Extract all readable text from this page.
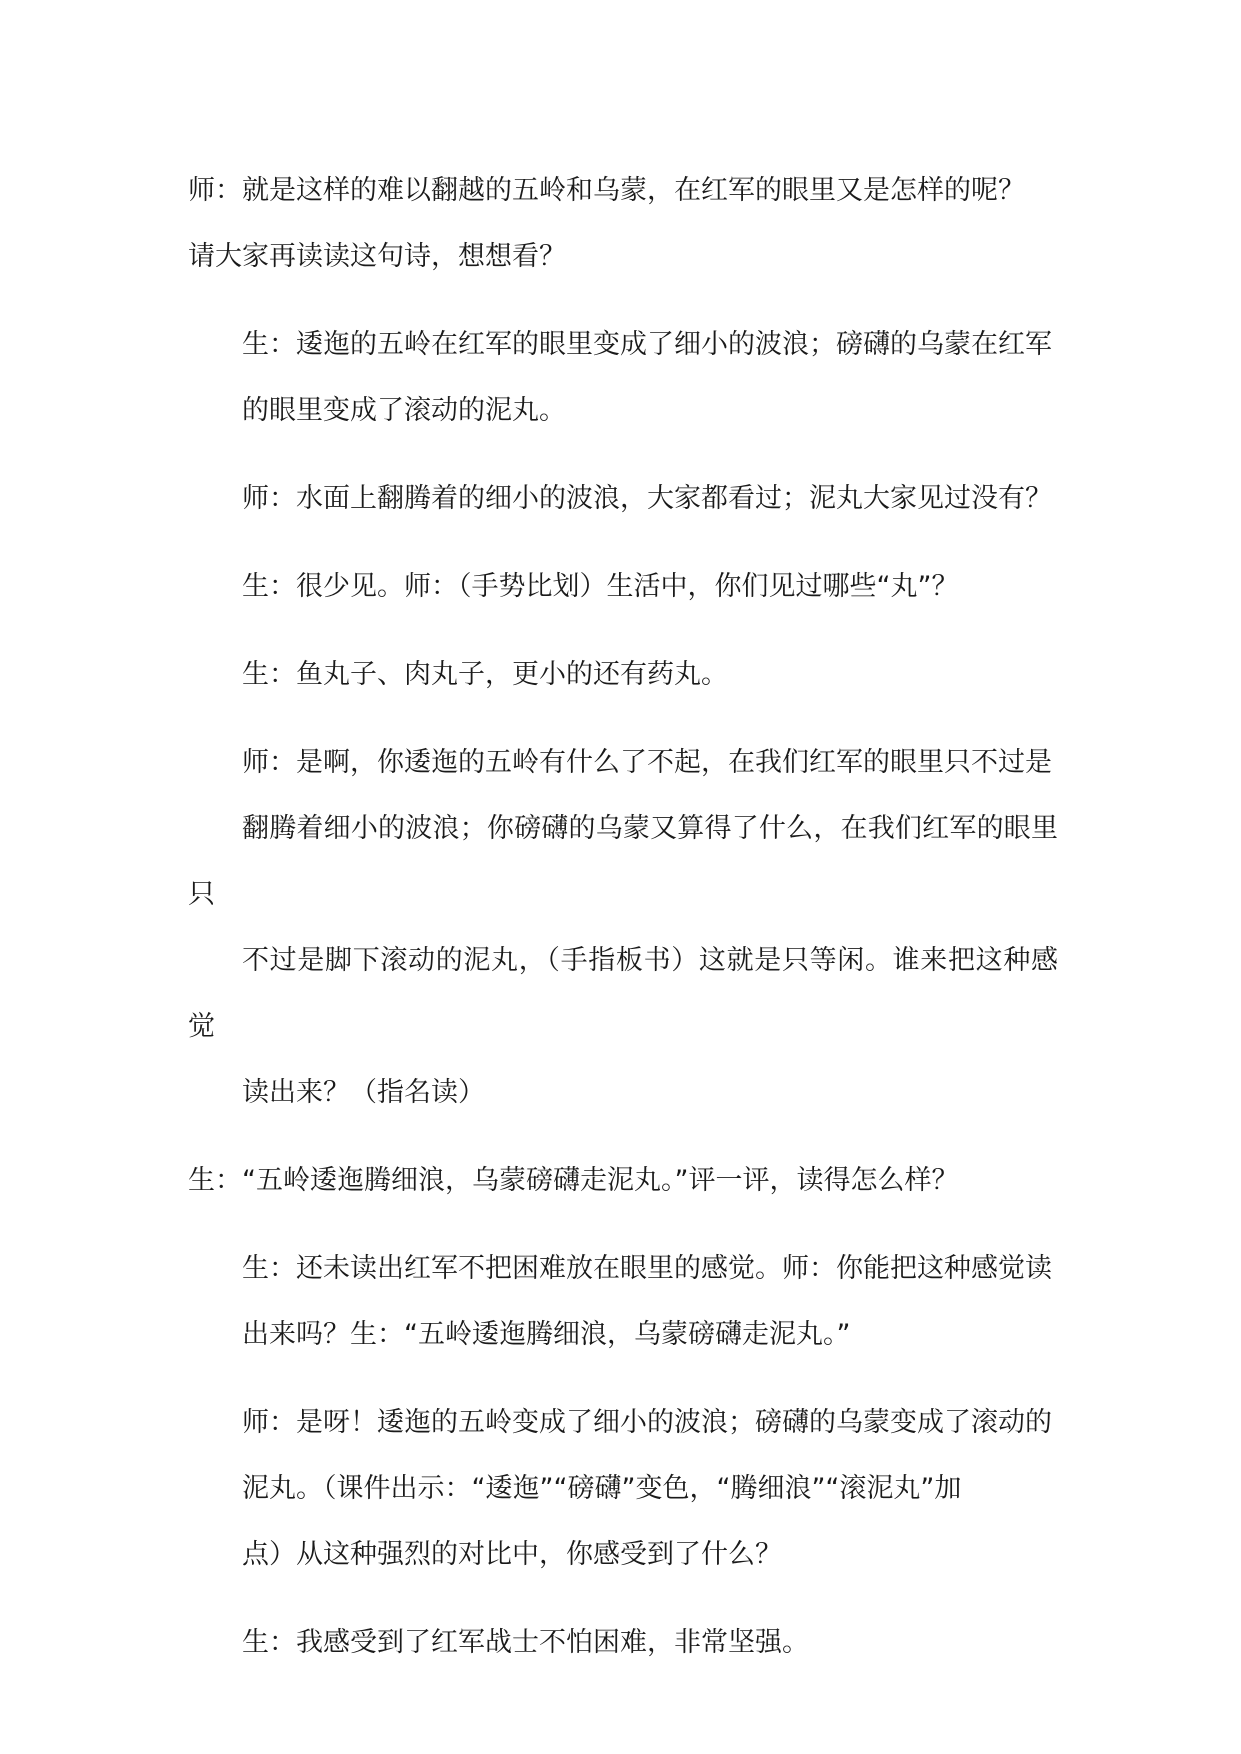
师：就是这样的难以翻越的五岭和乌蒙，在红军的眼里又是怎样的呢？
请大家再读读这句诗，想想看？

生：逶迤的五岭在红军的眼里变成了细小的波浪；磅礴的乌蒙在红军
的眼里变成了滚动的泥丸。

师：水面上翻腾着的细小的波浪，大家都看过；泥丸大家见过没有？

生：很少见。师：（手势比划）生活中，你们见过哪些“丸”？

生：鱼丸子、肉丸子，更小的还有药丸。

师：是啊，你逶迤的五岭有什么了不起，在我们红军的眼里只不过是
翻腾着细小的波浪；你磅礴的乌蒙又算得了什么，在我们红军的眼里只
不过是脚下滚动的泥丸，（手指板书）这就是只等闲。谁来把这种感觉
读出来？（指名读）

生：“五岭逶迤腾细浪，乌蒙磅礴走泥丸。”评一评，读得怎么样？

生：还未读出红军不把困难放在眼里的感觉。师：你能把这种感觉读
出来吗？生：“五岭逶迤腾细浪，乌蒙磅礴走泥丸。”

师：是呀！逶迤的五岭变成了细小的波浪；磅礴的乌蒙变成了滚动的
泥丸。（课件出示：“逶迤”“磅礴”变色，“腾细浪”“滚泥丸”加
点）从这种强烈的对比中，你感受到了什么？

生：我感受到了红军战士不怕困难，非常坚强。
